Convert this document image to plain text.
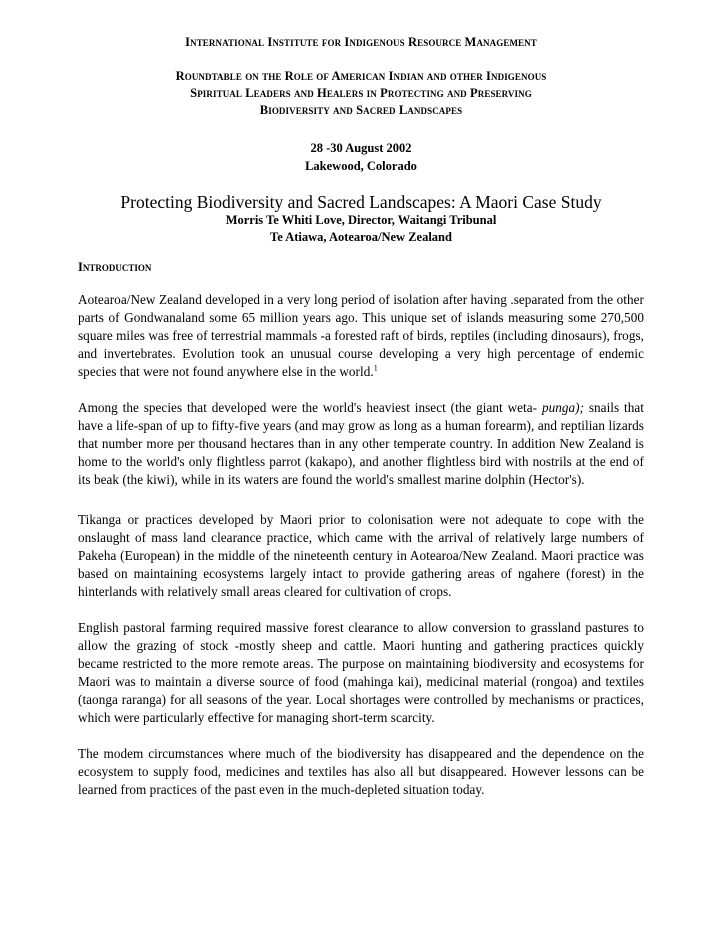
International Institute for Indigenous Resource Management
Roundtable on the Role of American Indian and other Indigenous
Spiritual Leaders and Healers in Protecting and Preserving
Biodiversity and Sacred Landscapes
28 -30 August 2002
Lakewood, Colorado
Protecting Biodiversity and Sacred Landscapes: A Maori Case Study
Morris Te Whiti Love, Director, Waitangi Tribunal
Te Atiawa, Aotearoa/New Zealand
Introduction

Aotearoa/New Zealand developed in a very long period of isolation after having .separated from the other parts of Gondwanaland some 65 million years ago. This unique set of islands measuring some 270,500 square miles was free of terrestrial mammals -a forested raft of birds, reptiles (including dinosaurs), frogs, and invertebrates. Evolution took an unusual course developing a very high percentage of endemic species that were not found anywhere else in the world.$^1$

Among the species that developed were the world's heaviest insect (the giant weta- punga); snails that have a life-span of up to fifty-five years (and may grow as long as a human forearm), and reptilian lizards that number more per thousand hectares than in any other temperate country. In addition New Zealand is home to the world's only flightless parrot (kakapo), and another flightless bird with nostrils at the end of its beak (the kiwi), while in its waters are found the world's smallest marine dolphin (Hector's).

Tikanga or practices developed by Maori prior to colonisation were not adequate to cope with the onslaught of mass land clearance practice, which came with the arrival of relatively large numbers of Pakeha (European) in the middle of the nineteenth century in Aotearoa/New Zealand. Maori practice was based on maintaining ecosystems largely intact to provide gathering areas of ngahere (forest) in the hinterlands with relatively small areas cleared for cultivation of crops.

English pastoral farming required massive forest clearance to allow conversion to grassland pastures to allow the grazing of stock -mostly sheep and cattle. Maori hunting and gathering practices quickly became restricted to the more remote areas. The purpose on maintaining biodiversity and ecosystems for Maori was to maintain a diverse source of food (mahinga kai), medicinal material (rongoa) and textiles (taonga raranga) for all seasons of the year. Local shortages were controlled by mechanisms or practices, which were particularly effective for managing short-term scarcity.

The modem circumstances where much of the biodiversity has disappeared and the dependence on the ecosystem to supply food, medicines and textiles has also all but disappeared. However lessons can be learned from practices of the past even in the much-depleted situation today.
